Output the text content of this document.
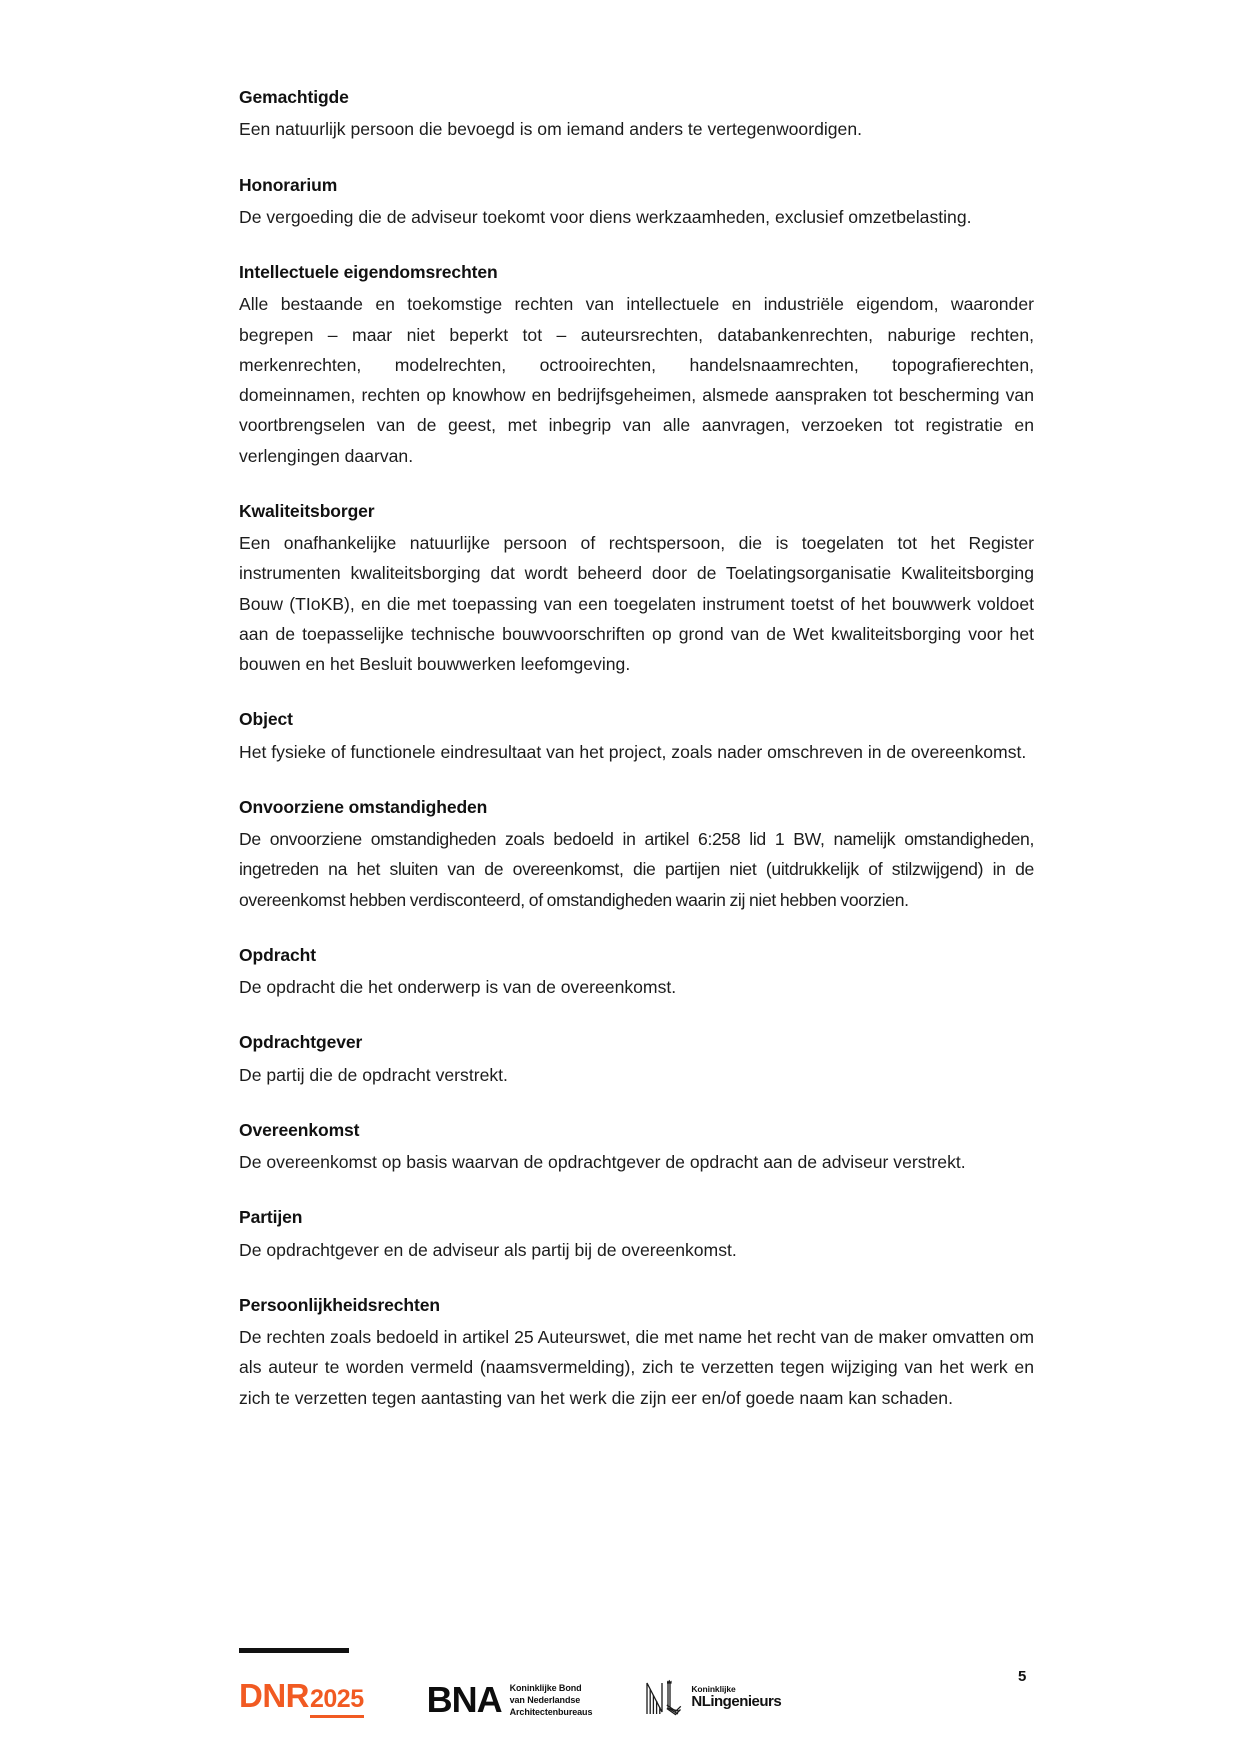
Gemachtigde

Een natuurlijk persoon die bevoegd is om iemand anders te vertegenwoordigen.

Honorarium

De vergoeding die de adviseur toekomt voor diens werkzaamheden, exclusief omzetbelasting.

Intellectuele eigendomsrechten

Alle bestaande en toekomstige rechten van intellectuele en industriële eigendom, waaronder begrepen – maar niet beperkt tot – auteursrechten, databankenrechten, naburige rechten, merkenrechten, modelrechten, octrooirechten, handelsnaamrechten, topografierechten, domeinnamen, rechten op knowhow en bedrijfsgeheimen, alsmede aanspraken tot bescherming van voortbrengselen van de geest, met inbegrip van alle aanvragen, verzoeken tot registratie en verlengingen daarvan.

Kwaliteitsborger

Een onafhankelijke natuurlijke persoon of rechtspersoon, die is toegelaten tot het Register instrumenten kwaliteitsborging dat wordt beheerd door de Toelatingsorganisatie Kwaliteitsborging Bouw (TIoKB), en die met toepassing van een toegelaten instrument toetst of het bouwwerk voldoet aan de toepasselijke technische bouwvoorschriften op grond van de Wet kwaliteitsborging voor het bouwen en het Besluit bouwwerken leefomgeving.

Object

Het fysieke of functionele eindresultaat van het project, zoals nader omschreven in de overeenkomst.

Onvoorziene omstandigheden

De onvoorziene omstandigheden zoals bedoeld in artikel 6:258 lid 1 BW, namelijk omstandigheden, ingetreden na het sluiten van de overeenkomst, die partijen niet (uitdrukkelijk of stilzwijgend) in de overeenkomst hebben verdisconteerd, of omstandigheden waarin zij niet hebben voorzien.

Opdracht

De opdracht die het onderwerp is van de overeenkomst.

Opdrachtgever

De partij die de opdracht verstrekt.

Overeenkomst

De overeenkomst op basis waarvan de opdrachtgever de opdracht aan de adviseur verstrekt.

Partijen

De opdrachtgever en de adviseur als partij bij de overeenkomst.

Persoonlijkheidsrechten

De rechten zoals bedoeld in artikel 25 Auteurswet, die met name het recht van de maker omvatten om als auteur te worden vermeld (naamsvermelding), zich te verzetten tegen wijziging van het werk en zich te verzetten tegen aantasting van het werk die zijn eer en/of goede naam kan schaden.

DNR 2025 BNA Koninklijke Bond
van Nederlandse
Architectenbureaus
Koninklijke
NLingenieurs
5
